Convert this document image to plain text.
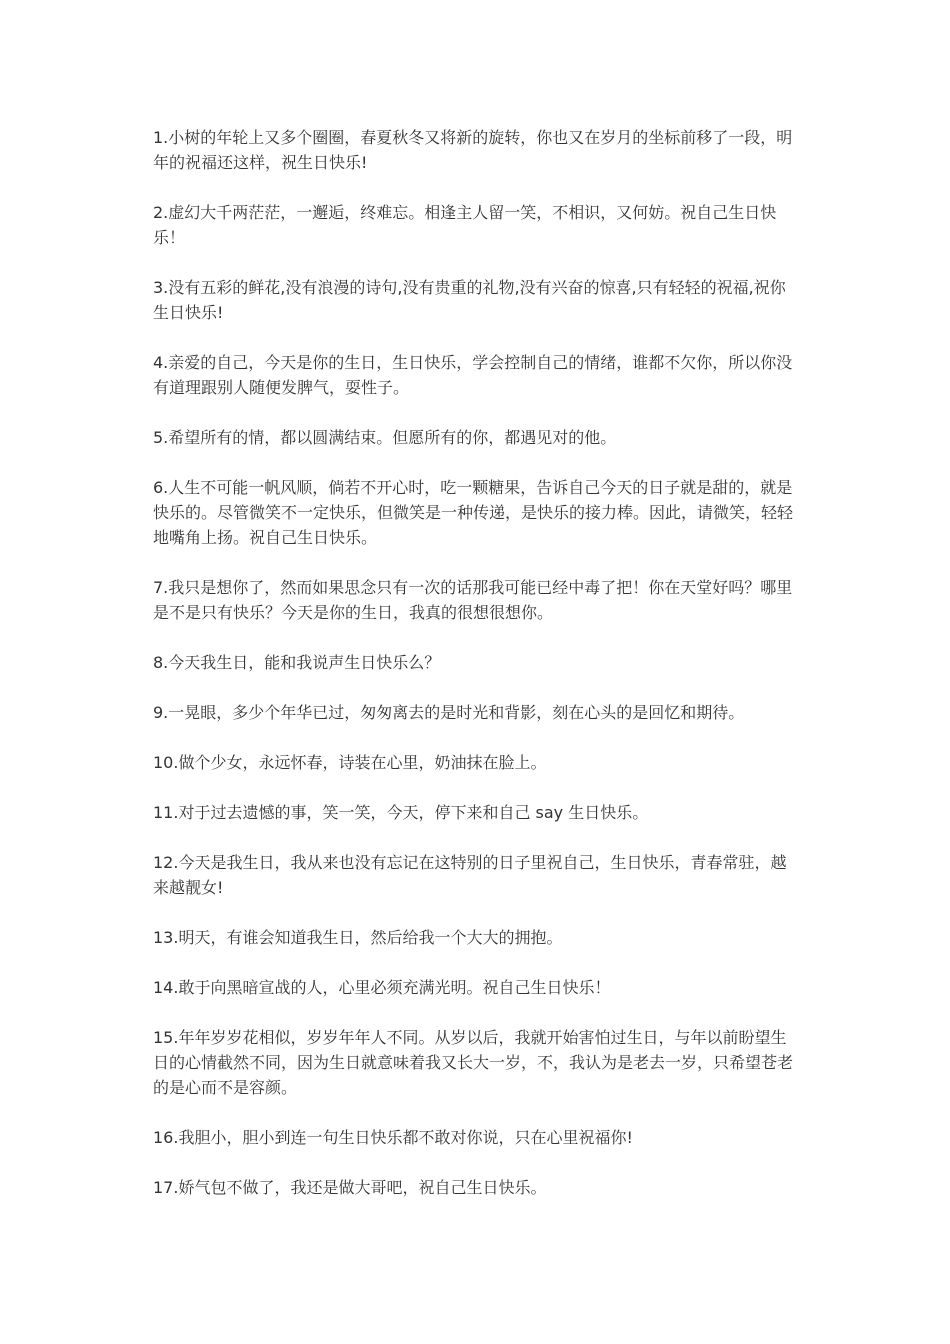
1.小树的年轮上又多个圈圈，春夏秋冬又将新的旋转，你也又在岁月的坐标前移了一段，明年的祝福还这样，祝生日快乐!

2.虚幻大千两茫茫，一邂逅，终难忘。相逢主人留一笑，不相识，又何妨。祝自己生日快乐！

3.没有五彩的鲜花,没有浪漫的诗句,没有贵重的礼物,没有兴奋的惊喜,只有轻轻的祝福,祝你生日快乐!

4.亲爱的自己，今天是你的生日，生日快乐，学会控制自己的情绪，谁都不欠你，所以你没有道理跟别人随便发脾气，耍性子。

5.希望所有的情，都以圆满结束。但愿所有的你，都遇见对的他。

6.人生不可能一帆风顺，倘若不开心时，吃一颗糖果，告诉自己今天的日子就是甜的，就是快乐的。尽管微笑不一定快乐，但微笑是一种传递，是快乐的接力棒。因此，请微笑，轻轻地嘴角上扬。祝自己生日快乐。

7.我只是想你了，然而如果思念只有一次的话那我可能已经中毒了把！你在天堂好吗？哪里是不是只有快乐？今天是你的生日，我真的很想很想你。

8.今天我生日，能和我说声生日快乐么？

9.一晃眼，多少个年华已过，匆匆离去的是时光和背影，刻在心头的是回忆和期待。

10.做个少女，永远怀春，诗装在心里，奶油抹在脸上。

11.对于过去遗憾的事，笑一笑，今天，停下来和自己 say 生日快乐。

12.今天是我生日，我从来也没有忘记在这特别的日子里祝自己，生日快乐，青春常驻，越来越靓女!

13.明天，有谁会知道我生日，然后给我一个大大的拥抱。

14.敢于向黑暗宣战的人，心里必须充满光明。祝自己生日快乐！

15.年年岁岁花相似，岁岁年年人不同。从岁以后，我就开始害怕过生日，与年以前盼望生日的心情截然不同，因为生日就意味着我又长大一岁，不，我认为是老去一岁，只希望苍老的是心而不是容颜。

16.我胆小，胆小到连一句生日快乐都不敢对你说，只在心里祝福你!

17.娇气包不做了，我还是做大哥吧，祝自己生日快乐。
